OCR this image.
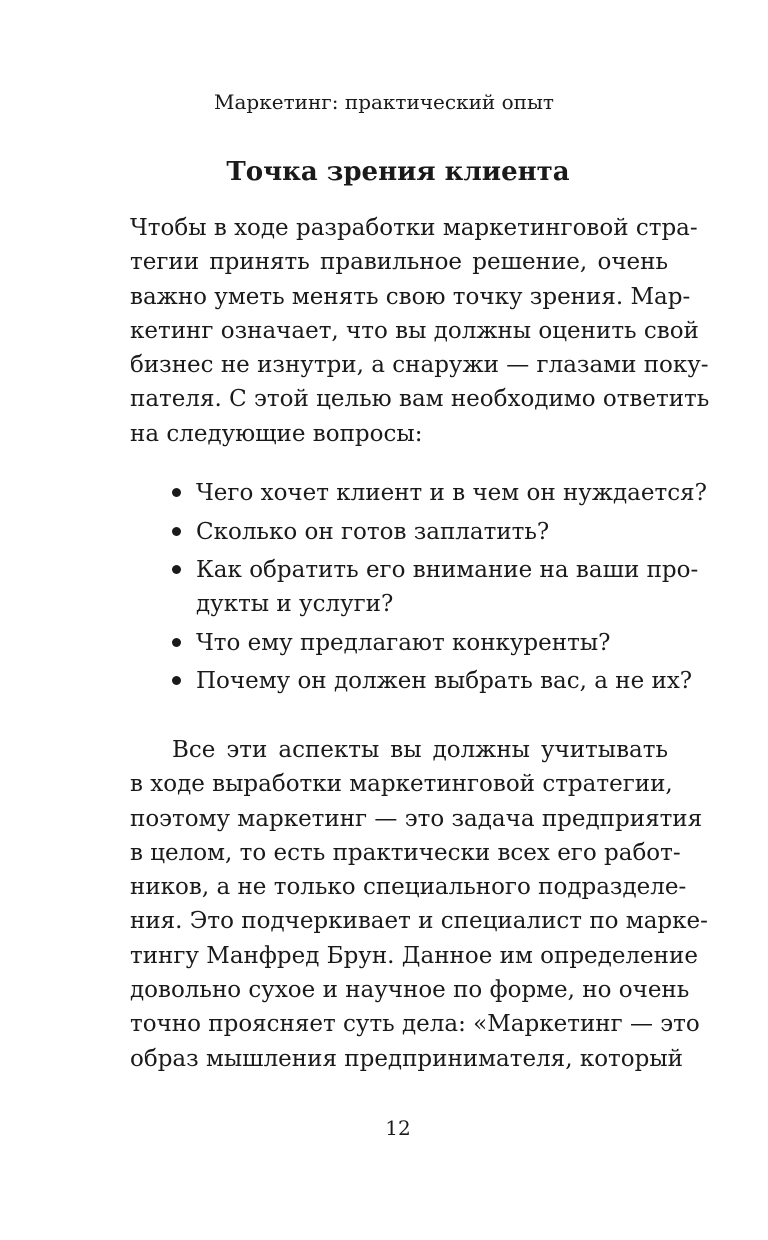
Маркетинг: практический опыт
Точка зрения клиента
Чтобы в ходе разработки маркетинговой стра-
тегии принять правильное решение, очень
важно уметь менять свою точку зрения. Мар-
кетинг означает, что вы должны оценить свой
бизнес не изнутри, а снаружи — глазами поку-
пателя. С этой целью вам необходимо ответить
на следующие вопросы:
Чего хочет клиент и в чем он нуждается?
Сколько он готов заплатить?
Как обратить его внимание на ваши про-
дукты и услуги?
Что ему предлагают конкуренты?
Почему он должен выбрать вас, а не их?
Все эти аспекты вы должны учитывать
в ходе выработки маркетинговой стратегии,
поэтому маркетинг — это задача предприятия
в целом, то есть практически всех его работ-
ников, а не только специального подразделе-
ния. Это подчеркивает и специалист по марке-
тингу Манфред Брун. Данное им определение
довольно сухое и научное по форме, но очень
точно проясняет суть дела: «Маркетинг — это
образ мышления предпринимателя, который
12
